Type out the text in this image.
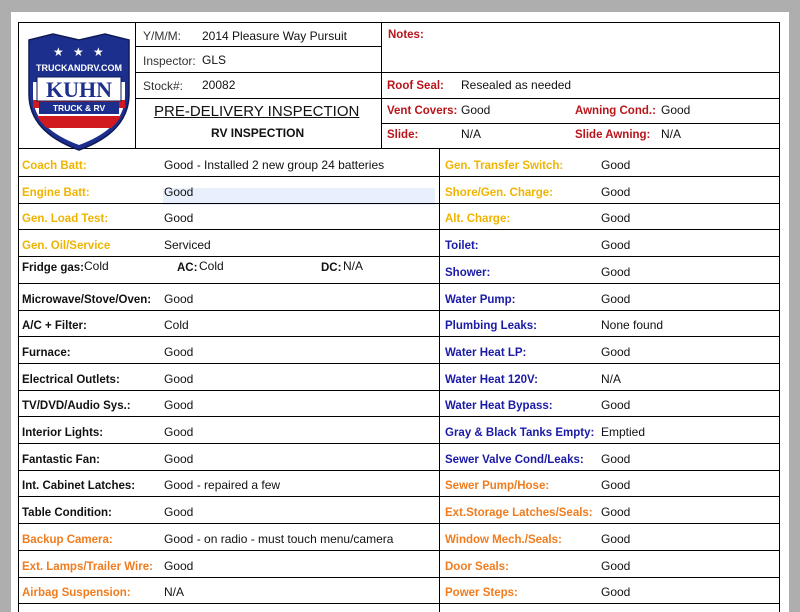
★ ★ ★
TRUCKANDRV.COM
KUHN
TRUCK & RV
Y/M/M: 2014 Pleasure Way Pursuit
Inspector: GLS
Stock#: 20082
PRE-DELIVERY INSPECTION
RV INSPECTION
Notes:
Roof Seal: Resealed as needed
Vent Covers: Good	Awning Cond.: Good
Slide:	N/A	Slide Awning: N/A
Coach Batt:	Good - Installed 2 new group 24 batteries
Engine Batt:	Good
Gen. Load Test:	Good
Gen. Oil/Service	Serviced
Microwave/Stove/Oven: Good
A/C + Filter:	Cold
Furnace:	Good
Electrical Outlets:	Good
TV/DVD/Audio Sys.:	Good
Interior Lights:	Good
Fantastic Fan:	Good
Int. Cabinet Latches: Good - repaired a few
Table Condition:	Good
Backup Camera:	Good - on radio - must touch menu/camera
Ext. Lamps/Trailer Wire: Good
Airbag Suspension:	N/A
Gen. Transfer Switch:	Good
Shore/Gen. Charge:	Good
Alt. Charge:	Good
Toilet:	Good
Shower:	Good
Water Pump:	Good
Plumbing Leaks:	None found
Water Heat LP:	Good
Water Heat 120V:	N/A
Water Heat Bypass:	Good
Gray & Black Tanks Empty: Emptied
Sewer Valve Cond/Leaks: Good
Sewer Pump/Hose:	Good
Ext.Storage Latches/Seals: Good
Window Mech./Seals:	Good
Door Seals:	Good
Power Steps:	Good
Fridge gas: Cold	AC: Cold	DC: N/A
